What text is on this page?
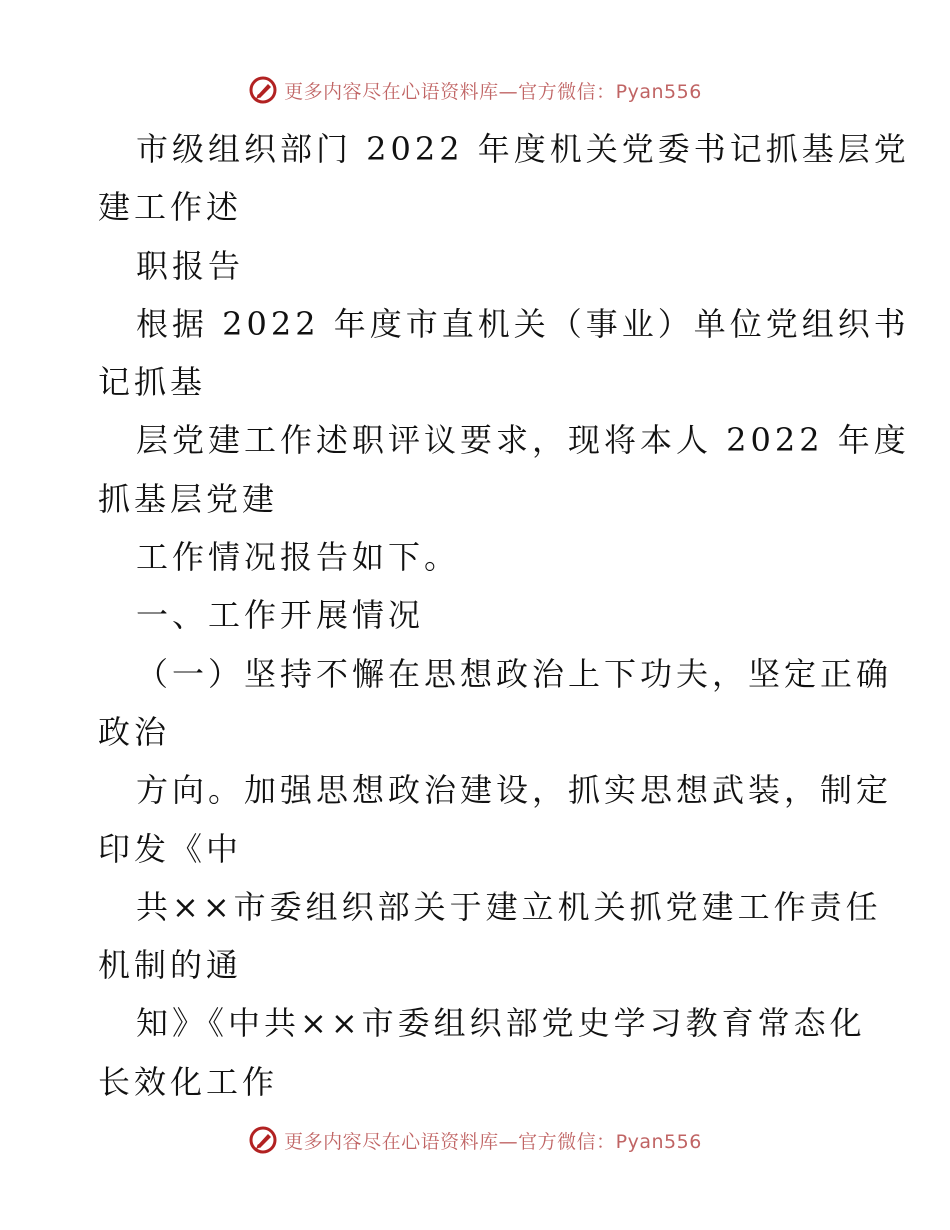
更多内容尽在心语资料库—官方微信：Pyan556
市级组织部门 2022 年度机关党委书记抓基层党
建工作述
职报告
根据 2022 年度市直机关（事业）单位党组织书
记抓基
层党建工作述职评议要求，现将本人 2022 年度
抓基层党建
工作情况报告如下。
一、工作开展情况
（一）坚持不懈在思想政治上下功夫，坚定正确
政治
方向。加强思想政治建设，抓实思想武装，制定
印发《中
共××市委组织部关于建立机关抓党建工作责任
机制的通
知》《中共××市委组织部党史学习教育常态化
长效化工作
更多内容尽在心语资料库—官方微信：Pyan556
